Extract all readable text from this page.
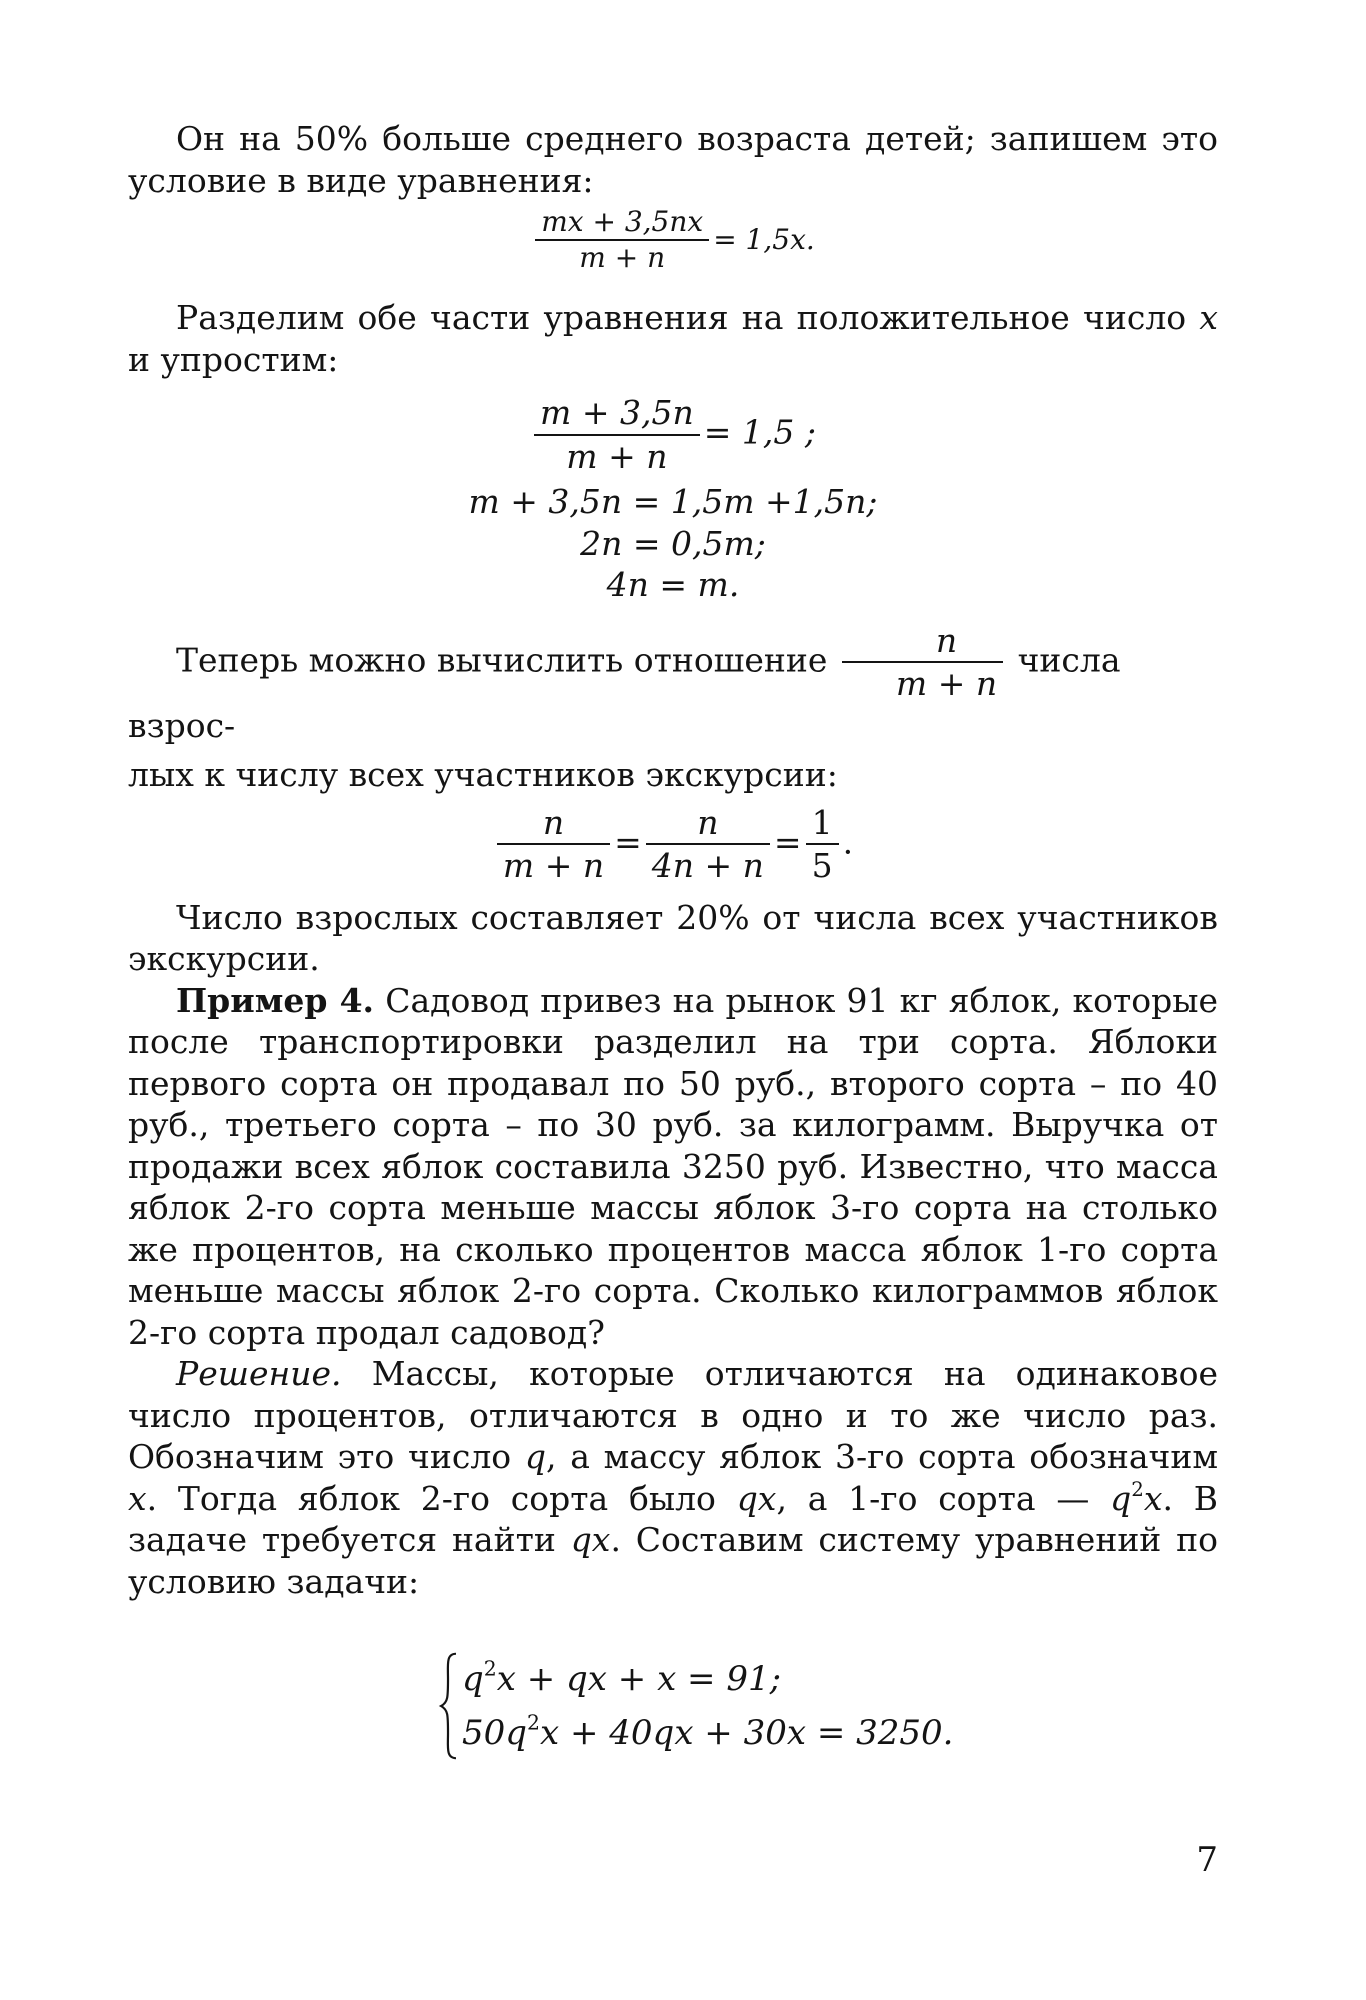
Он на 50% больше среднего возраста детей; запишем это условие в виде уравнения:

$\frac{mx + 3,5nx}{m + n} = 1,5x$.

Разделим обе части уравнения на положительное число x и упростим:

$\frac{m + 3,5n}{m + n} = 1,5$ ;
m + 3,5n = 1,5m +1,5n;
2n = 0,5m;
4n = m.

Теперь можно вычислить отношение $\frac{n}{m + n}$ числа взрос-

лых к числу всех участников экскурсии:

$\frac{n}{m + n} = \frac{n}{4n + n} = \frac{1}{5}$ .

Число взрослых составляет 20% от числа всех участников экскурсии.

Пример 4. Садовод привез на рынок 91 кг яблок, которые после транспортировки разделил на три сорта. Яблоки первого сорта он продавал по 50 руб., второго сорта – по 40 руб., третьего сорта – по 30 руб. за килограмм. Выручка от продажи всех яблок составила 3250 руб. Известно, что масса яблок 2-го сорта меньше массы яблок 3-го сорта на столько же процентов, на сколько процентов масса яблок 1-го сорта меньше массы яблок 2-го сорта. Сколько килограммов яблок 2-го сорта продал садовод?

Решение. Массы, которые отличаются на одинаковое число процентов, отличаются в одно и то же число раз. Обозначим это число q, а массу яблок 3-го сорта обозначим x. Тогда яблок 2-го сорта было qx, а 1-го сорта — $q^2x$. В задаче требуется найти qx. Составим систему уравнений по условию задачи:

$q^2x$ + qx + x = 91;
$50q^2x + 40qx + 30x = 3250$.
7
